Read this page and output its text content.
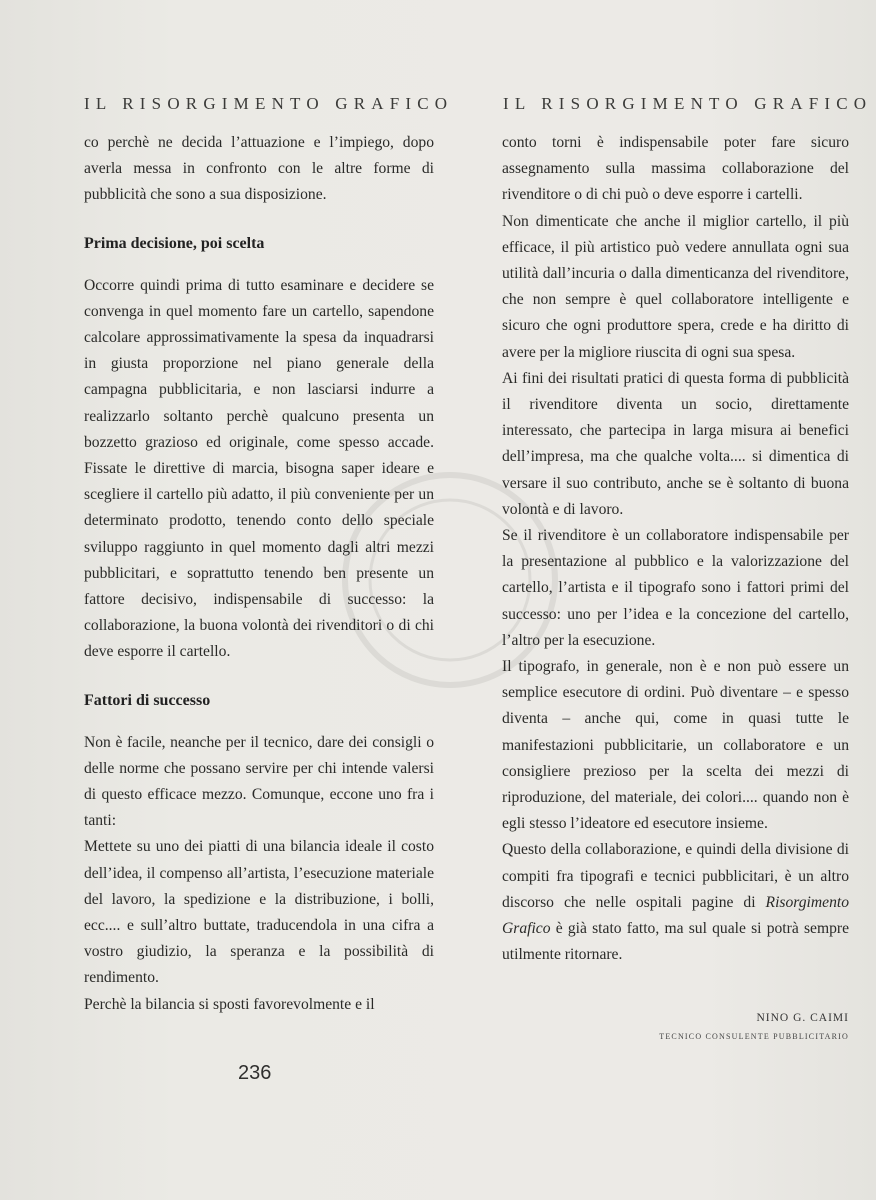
IL RISORGIMENTO GRAFICO	IL RISORGIMENTO GRAFICO

co perchè ne decida l’attuazione e l’impiego, dopo averla messa in confronto con le altre forme di pubblicità che sono a sua disposizione.

Prima decisione, poi scelta

Occorre quindi prima di tutto esaminare e decidere se convenga in quel momento fare un cartello, sapendone calcolare approssimativamente la spesa da inquadrarsi in giusta proporzione nel piano generale della campagna pubblicitaria, e non lasciarsi indurre a realizzarlo soltanto perchè qualcuno presenta un bozzetto grazioso ed originale, come spesso accade. Fissate le direttive di marcia, bisogna saper ideare e scegliere il cartello più adatto, il più conveniente per un determinato prodotto, tenendo conto dello speciale sviluppo raggiunto in quel momento dagli altri mezzi pubblicitari, e soprattutto tenendo ben presente un fattore decisivo, indispensabile di successo: la collaborazione, la buona volontà dei rivenditori o di chi deve esporre il cartello.

Fattori di successo

Non è facile, neanche per il tecnico, dare dei consigli o delle norme che possano servire per chi intende valersi di questo efficace mezzo. Comunque, eccone uno fra i tanti:

Mettete su uno dei piatti di una bilancia ideale il costo dell’idea, il compenso all’artista, l’esecuzione materiale del lavoro, la spedizione e la distribuzione, i bolli, ecc.... e sull’altro buttate, traducendola in una cifra a vostro giudizio, la speranza e la possibilità di rendimento.

Perchè la bilancia si sposti favorevolmente e il

conto torni è indispensabile poter fare sicuro assegnamento sulla massima collaborazione del rivenditore o di chi può o deve esporre i cartelli.

Non dimenticate che anche il miglior cartello, il più efficace, il più artistico può vedere annullata ogni sua utilità dall’incuria o dalla dimenticanza del rivenditore, che non sempre è quel collaboratore intelligente e sicuro che ogni produttore spera, crede e ha diritto di avere per la migliore riuscita di ogni sua spesa.

Ai fini dei risultati pratici di questa forma di pubblicità il rivenditore diventa un socio, direttamente interessato, che partecipa in larga misura ai benefici dell’impresa, ma che qualche volta.... si dimentica di versare il suo contributo, anche se è soltanto di buona volontà e di lavoro.

Se il rivenditore è un collaboratore indispensabile per la presentazione al pubblico e la valorizzazione del cartello, l’artista e il tipografo sono i fattori primi del successo: uno per l’idea e la concezione del cartello, l’altro per la esecuzione.

Il tipografo, in generale, non è e non può essere un semplice esecutore di ordini. Può diventare – e spesso diventa – anche qui, come in quasi tutte le manifestazioni pubblicitarie, un collaboratore e un consigliere prezioso per la scelta dei mezzi di riproduzione, del materiale, dei colori.... quando non è egli stesso l’ideatore ed esecutore insieme.

Questo della collaborazione, e quindi della divisione di compiti fra tipografi e tecnici pubblicitari, è un altro discorso che nelle ospitali pagine di Risorgimento Grafico è già stato fatto, ma sul quale si potrà sempre utilmente ritornare.

NINO G. CAIMI
TECNICO CONSULENTE PUBBLICITARIO
236
